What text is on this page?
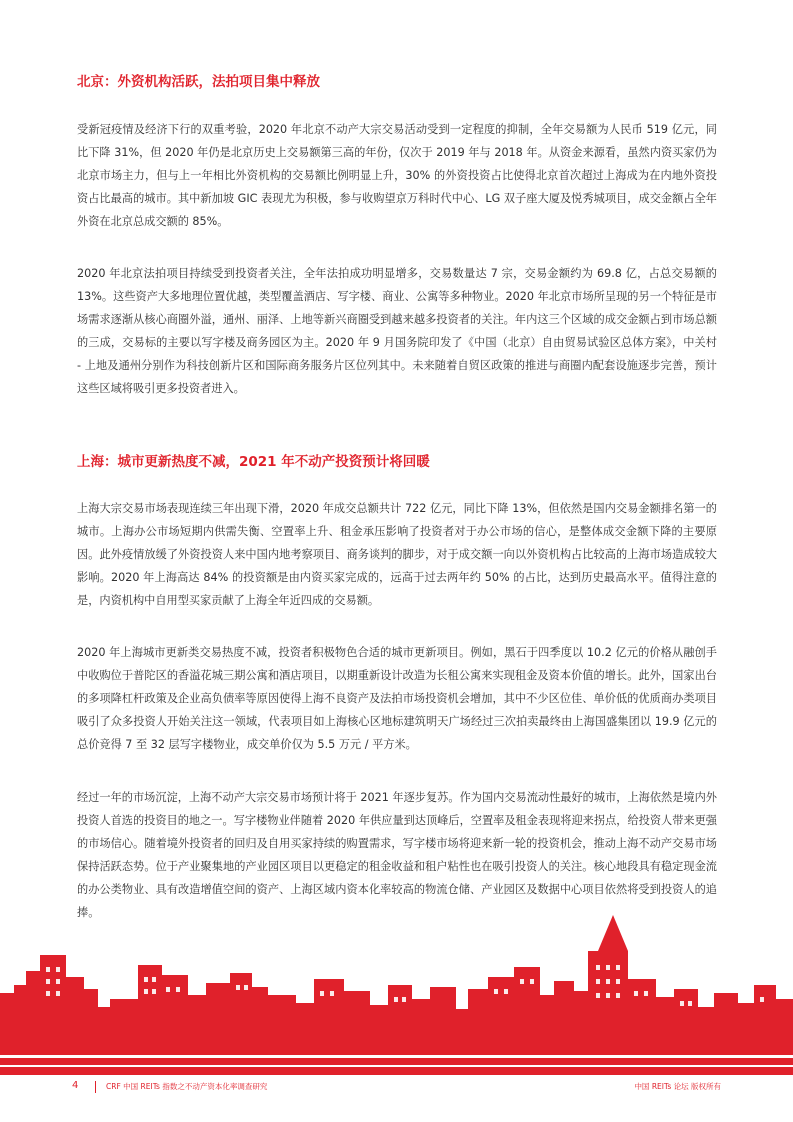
北京：外资机构活跃，法拍项目集中释放

受新冠疫情及经济下行的双重考验，2020 年北京不动产大宗交易活动受到一定程度的抑制，全年交易额为人民币 519 亿元，同比下降 31%，但 2020 年仍是北京历史上交易额第三高的年份，仅次于 2019 年与 2018 年。从资金来源看，虽然内资买家仍为北京市场主力，但与上一年相比外资机构的交易额比例明显上升，30% 的外资投资占比使得北京首次超过上海成为在内地外资投资占比最高的城市。其中新加坡 GIC 表现尤为积极，参与收购望京万科时代中心、LG 双子座大厦及悦秀城项目，成交金额占全年外资在北京总成交额的 85%。

2020 年北京法拍项目持续受到投资者关注，全年法拍成功明显增多，交易数量达 7 宗，交易金额约为 69.8 亿，占总交易额的 13%。这些资产大多地理位置优越，类型覆盖酒店、写字楼、商业、公寓等多种物业。2020 年北京市场所呈现的另一个特征是市场需求逐渐从核心商圈外溢，通州、丽泽、上地等新兴商圈受到越来越多投资者的关注。年内这三个区域的成交金额占到市场总额的三成，交易标的主要以写字楼及商务园区为主。2020 年 9 月国务院印发了《中国（北京）自由贸易试验区总体方案》，中关村 - 上地及通州分别作为科技创新片区和国际商务服务片区位列其中。未来随着自贸区政策的推进与商圈内配套设施逐步完善，预计这些区域将吸引更多投资者进入。

上海：城市更新热度不减，2021 年不动产投资预计将回暖

上海大宗交易市场表现连续三年出现下滑，2020 年成交总额共计 722 亿元，同比下降 13%，但依然是国内交易金额排名第一的城市。上海办公市场短期内供需失衡、空置率上升、租金承压影响了投资者对于办公市场的信心，是整体成交金额下降的主要原因。此外疫情放缓了外资投资人来中国内地考察项目、商务谈判的脚步，对于成交额一向以外资机构占比较高的上海市场造成较大影响。2020 年上海高达 84% 的投资额是由内资买家完成的，远高于过去两年约 50% 的占比，达到历史最高水平。值得注意的是，内资机构中自用型买家贡献了上海全年近四成的交易额。

2020 年上海城市更新类交易热度不减，投资者积极物色合适的城市更新项目。例如，黑石于四季度以 10.2 亿元的价格从融创手中收购位于普陀区的香溢花城三期公寓和酒店项目，以期重新设计改造为长租公寓来实现租金及资本价值的增长。此外，国家出台的多项降杠杆政策及企业高负债率等原因使得上海不良资产及法拍市场投资机会增加，其中不少区位佳、单价低的优质商办类项目吸引了众多投资人开始关注这一领域，代表项目如上海核心区地标建筑明天广场经过三次拍卖最终由上海国盛集团以 19.9 亿元的总价竞得 7 至 32 层写字楼物业，成交单价仅为 5.5 万元 / 平方米。

经过一年的市场沉淀，上海不动产大宗交易市场预计将于 2021 年逐步复苏。作为国内交易流动性最好的城市，上海依然是境内外投资人首选的投资目的地之一。写字楼物业伴随着 2020 年供应量到达顶峰后，空置率及租金表现将迎来拐点，给投资人带来更强的市场信心。随着境外投资者的回归及自用买家持续的购置需求，写字楼市场将迎来新一轮的投资机会，推动上海不动产交易市场保持活跃态势。位于产业聚集地的产业园区项目以更稳定的租金收益和租户粘性也在吸引投资人的关注。核心地段具有稳定现金流的办公类物业、具有改造增值空间的资产、上海区域内资本化率较高的物流仓储、产业园区及数据中心项目依然将受到投资人的追捧。

4	CRF 中国 REITs 指数之不动产资本化率调查研究	中国 REITs 论坛 版权所有
